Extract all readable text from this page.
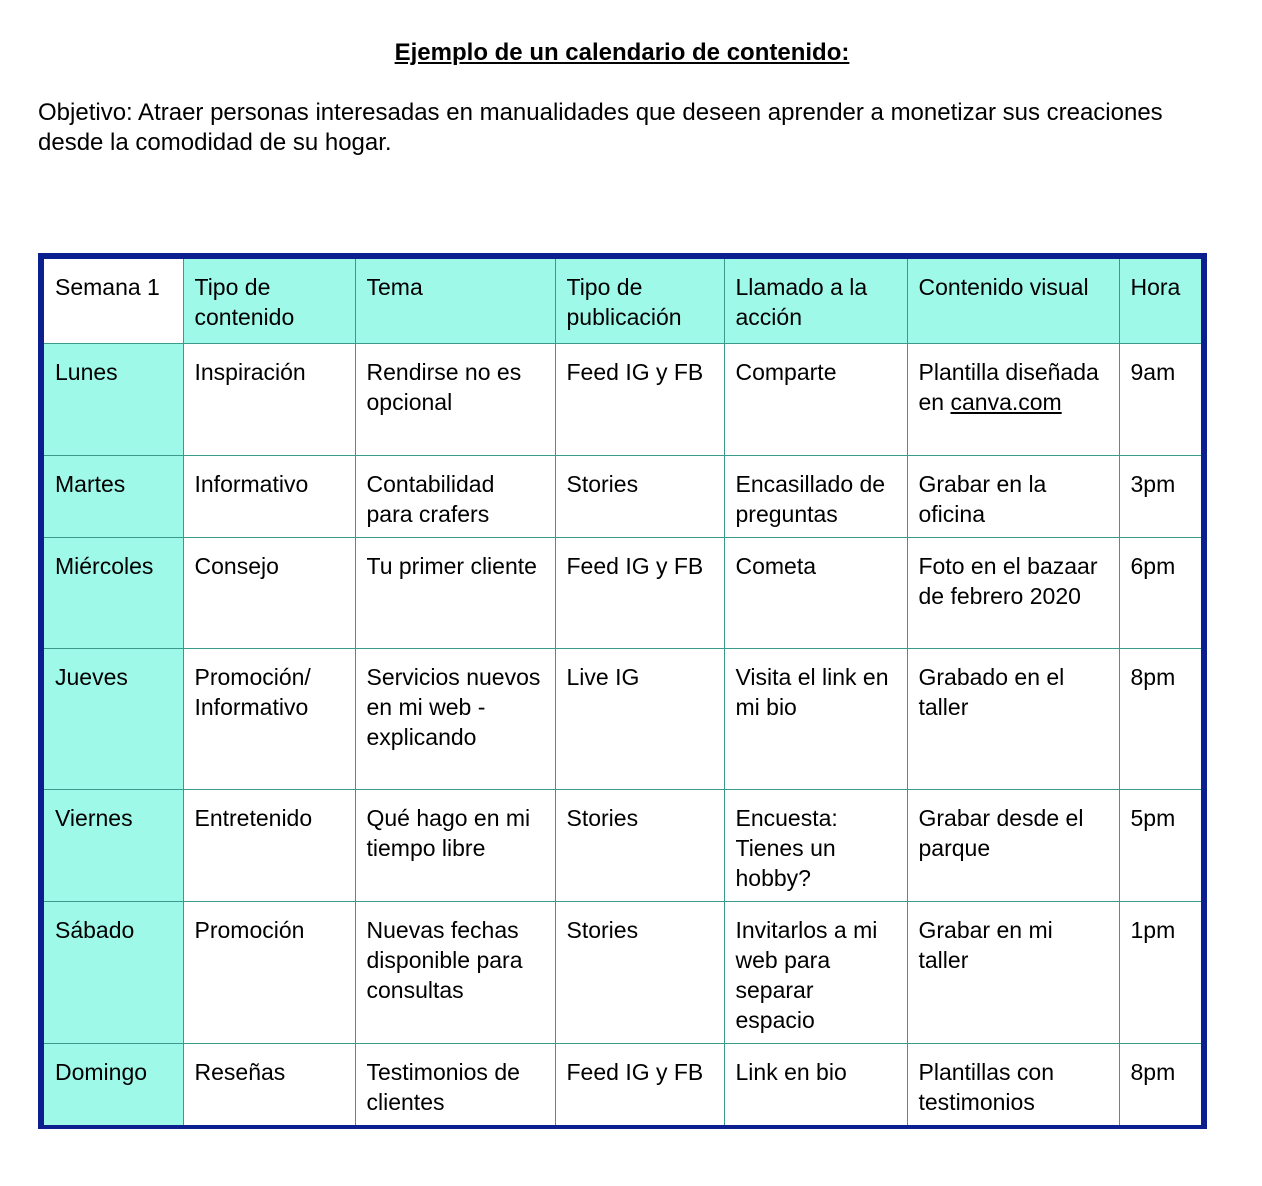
Ejemplo de un calendario de contenido:
Objetivo: Atraer personas interesadas en manualidades que deseen aprender a monetizar sus creaciones desde la comodidad de su hogar.
Semana 1	Tipo de contenido	Tema	Tipo de publicación	Llamado a la acción	Contenido visual	Hora
Lunes	Inspiración	Rendirse no es opcional	Feed IG y FB	Comparte	Plantilla diseñada en canva.com	9am
Martes	Informativo	Contabilidad para crafers	Stories	Encasillado de preguntas	Grabar en la oficina	3pm
Miércoles	Consejo	Tu primer cliente	Feed IG y FB	Cometa	Foto en el bazaar de febrero 2020	6pm
Jueves	Promoción/ Informativo	Servicios nuevos en mi web - explicando	Live IG	Visita el link en mi bio	Grabado en el taller	8pm
Viernes	Entretenido	Qué hago en mi tiempo libre	Stories	Encuesta: Tienes un hobby?	Grabar desde el parque	5pm
Sábado	Promoción	Nuevas fechas disponible para consultas	Stories	Invitarlos a mi web para separar espacio	Grabar en mi taller	1pm
Domingo	Reseñas	Testimonios de clientes	Feed IG y FB	Link en bio	Plantillas con testimonios	8pm
